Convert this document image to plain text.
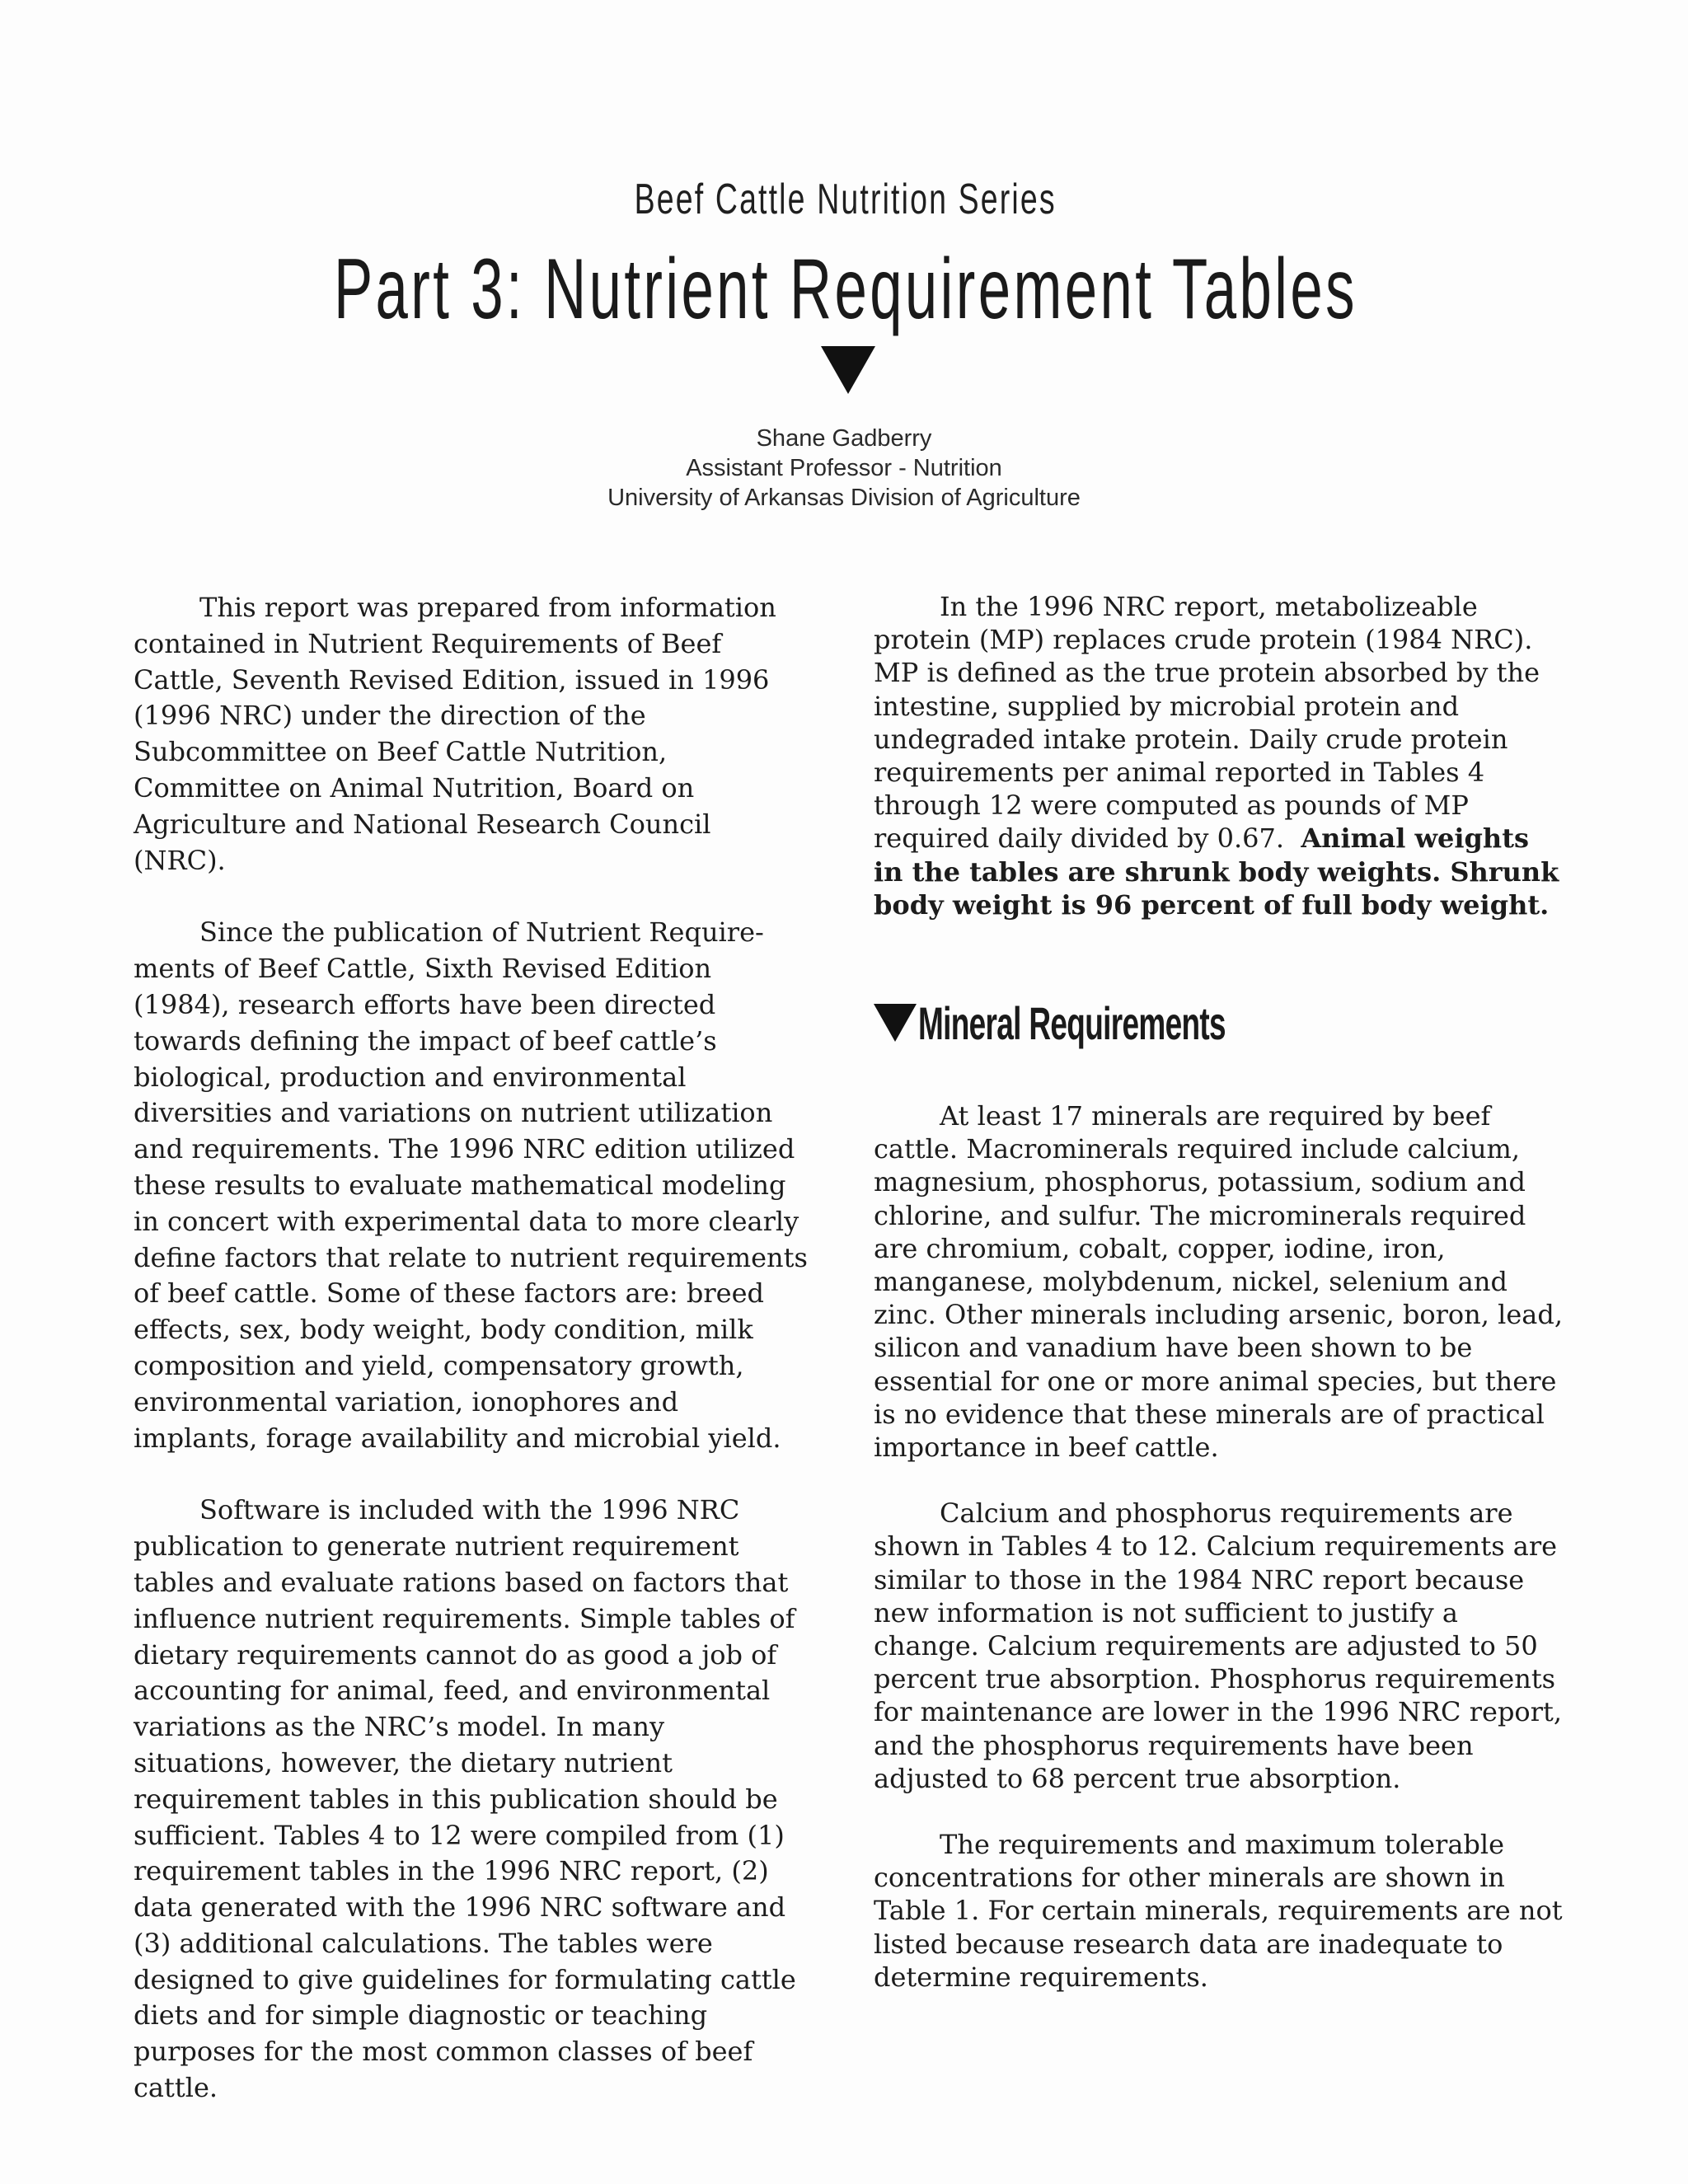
Beef Cattle Nutrition Series
Part 3: Nutrient Requirement Tables
Shane Gadberry
Assistant Professor - Nutrition
University of Arkansas Division of Agriculture

This report was prepared from information contained in Nutrient Requirements of Beef Cattle, Seventh Revised Edition, issued in 1996 (1996 NRC) under the direction of the Subcommittee on Beef Cattle Nutrition, Committee on Animal Nutrition, Board on Agriculture and National Research Council (NRC).

Since the publication of Nutrient Require-ments of Beef Cattle, Sixth Revised Edition (1984), research efforts have been directed towards defining the impact of beef cattle’s biological, production and environmental diversities and variations on nutrient utilization and requirements. The 1996 NRC edition utilized these results to evaluate mathematical modeling in concert with experimental data to more clearly define factors that relate to nutrient requirements of beef cattle. Some of these factors are: breed effects, sex, body weight, body condition, milk composition and yield, compensatory growth, environmental variation, ionophores and implants, forage availability and microbial yield.

Software is included with the 1996 NRC publication to generate nutrient requirement tables and evaluate rations based on factors that influence nutrient requirements. Simple tables of dietary requirements cannot do as good a job of accounting for animal, feed, and environmental variations as the NRC’s model. In many situations, however, the dietary nutrient requirement tables in this publication should be sufficient. Tables 4 to 12 were compiled from (1) requirement tables in the 1996 NRC report, (2) data generated with the 1996 NRC software and (3) additional calculations. The tables were designed to give guidelines for formulating cattle diets and for simple diagnostic or teaching purposes for the most common classes of beef cattle.

In the 1996 NRC report, metabolizeable protein (MP) replaces crude protein (1984 NRC). MP is defined as the true protein absorbed by the intestine, supplied by microbial protein and undegraded intake protein. Daily crude protein requirements per animal reported in Tables 4 through 12 were computed as pounds of MP required daily divided by 0.67. Animal weights in the tables are shrunk body weights. Shrunk body weight is 96 percent of full body weight.

Mineral Requirements

At least 17 minerals are required by beef cattle. Macrominerals required include calcium, magnesium, phosphorus, potassium, sodium and chlorine, and sulfur. The microminerals required are chromium, cobalt, copper, iodine, iron, manganese, molybdenum, nickel, selenium and zinc. Other minerals including arsenic, boron, lead, silicon and vanadium have been shown to be essential for one or more animal species, but there is no evidence that these minerals are of practical importance in beef cattle.

Calcium and phosphorus requirements are shown in Tables 4 to 12. Calcium requirements are similar to those in the 1984 NRC report because new information is not sufficient to justify a change. Calcium requirements are adjusted to 50 percent true absorption. Phosphorus requirements for maintenance are lower in the 1996 NRC report, and the phosphorus requirements have been adjusted to 68 percent true absorption.

The requirements and maximum tolerable concentrations for other minerals are shown in Table 1. For certain minerals, requirements are not listed because research data are inadequate to determine requirements.
